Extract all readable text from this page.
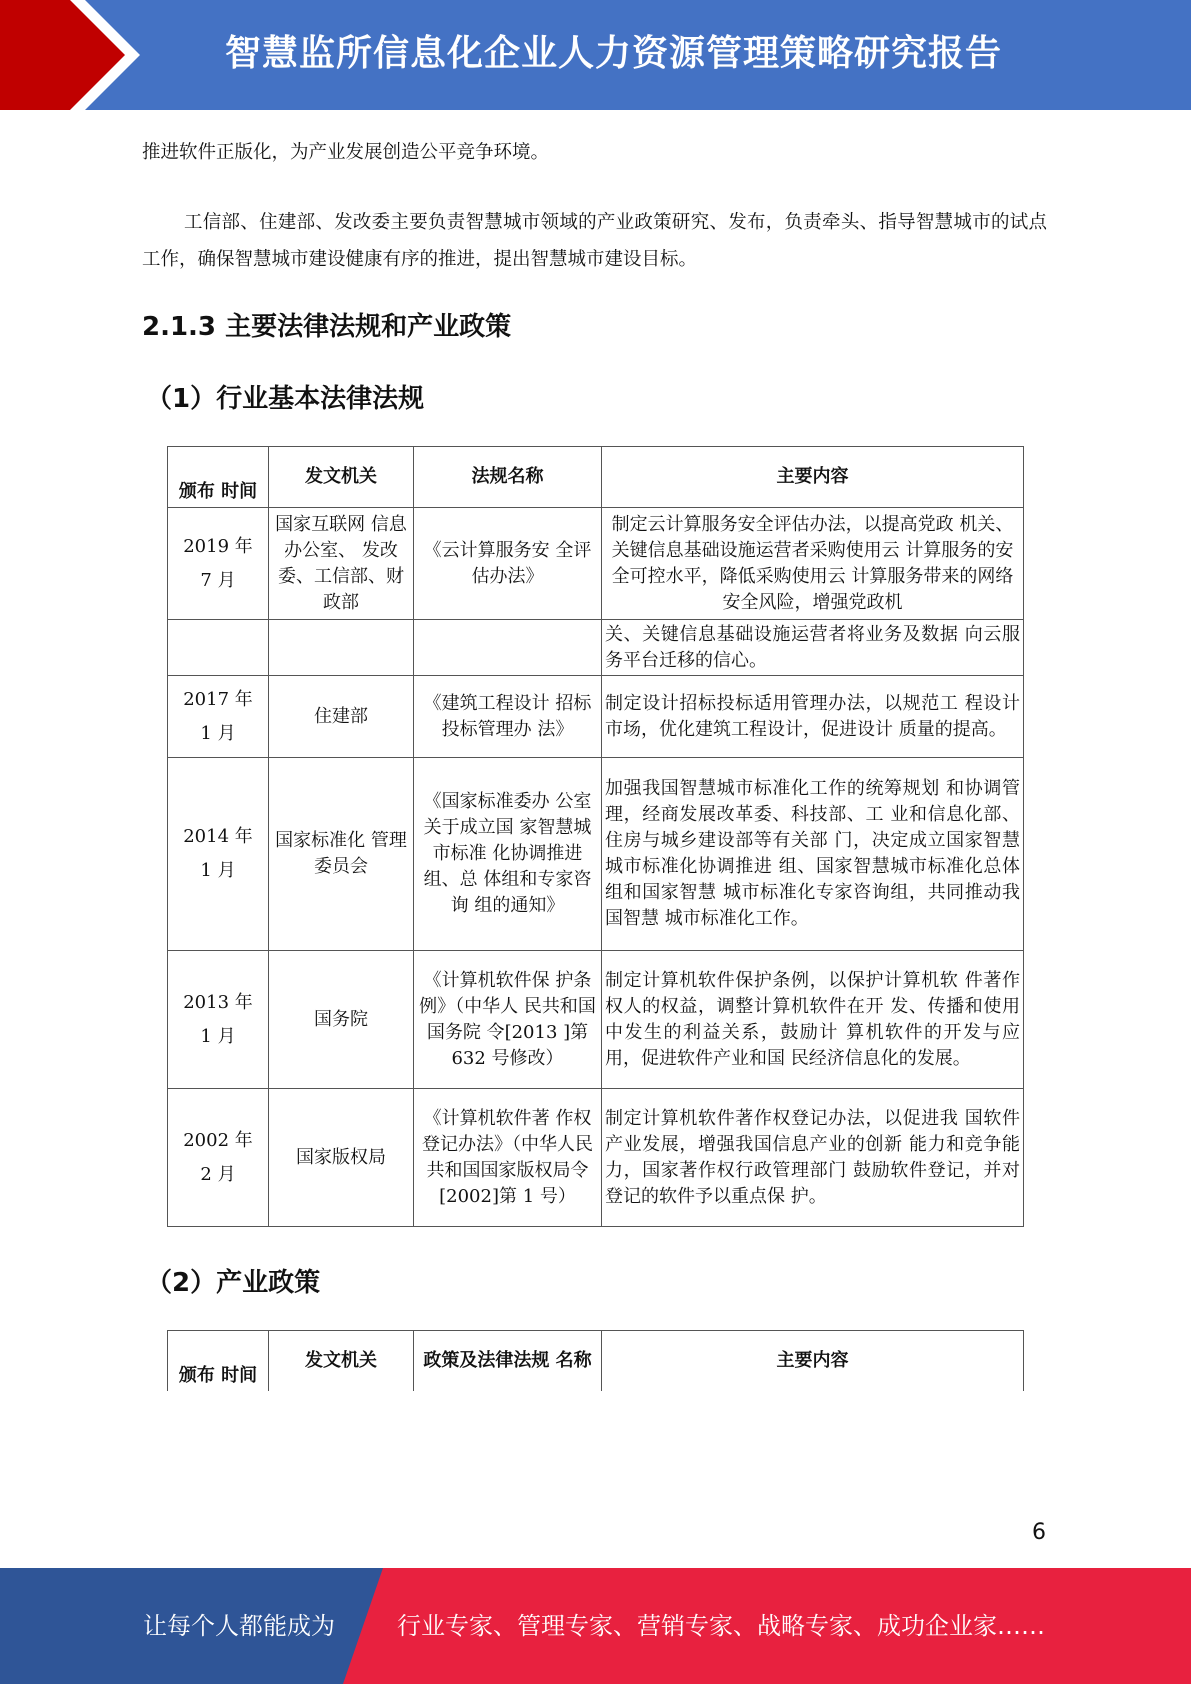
智慧监所信息化企业人力资源管理策略研究报告

推进软件正版化，为产业发展创造公平竞争环境。

工信部、住建部、发改委主要负责智慧城市领域的产业政策研究、发布，负责牵头、指导智慧城市的试点工作，确保智慧城市建设健康有序的推进，提出智慧城市建设目标。

2.1.3 主要法律法规和产业政策
（1）行业基本法律法规
颁布 时间	发文机关	法规名称	主要内容
2019 年
7 月	国家互联网 信息办公室、 发改委、工信部、财政部	《云计算服务安 全评估办法》	制定云计算服务安全评估办法，以提高党政 机关、关键信息基础设施运营者采购使用云 计算服务的安全可控水平，降低采购使用云 计算服务带来的网络安全风险，增强党政机
			关、关键信息基础设施运营者将业务及数据 向云服务平台迁移的信心。
2017 年
1 月	住建部	《建筑工程设计 招标投标管理办 法》	制定设计招标投标适用管理办法，以规范工 程设计市场，优化建筑工程设计，促进设计 质量的提高。
2014 年
1 月	国家标准化 管理委员会	《国家标准委办 公室关于成立国 家智慧城市标准 化协调推进组、总 体组和专家咨询 组的通知》	加强我国智慧城市标准化工作的统筹规划 和协调管理，经商发展改革委、科技部、工 业和信息化部、住房与城乡建设部等有关部 门，决定成立国家智慧城市标准化协调推进 组、国家智慧城市标准化总体组和国家智慧 城市标准化专家咨询组，共同推动我国智慧 城市标准化工作。
2013 年
1 月	国务院	《计算机软件保 护条例》（中华人 民共和国国务院 令[2013 ]第 632 号修改）	制定计算机软件保护条例，以保护计算机软 件著作权人的权益，调整计算机软件在开 发、传播和使用中发生的利益关系，鼓励计 算机软件的开发与应用，促进软件产业和国 民经济信息化的发展。
2002 年
2 月	国家版权局	《计算机软件著 作权登记办法》（中华人民共和国国家版权局令[2002]第 1 号）	制定计算机软件著作权登记办法，以促进我 国软件产业发展，增强我国信息产业的创新 能力和竞争能力，国家著作权行政管理部门 鼓励软件登记，并对登记的软件予以重点保 护。
（2）产业政策
颁布 时间	发文机关	政策及法律法规 名称	主要内容
6
让每个人都能成为	行业专家、管理专家、营销专家、战略专家、成功企业家……
